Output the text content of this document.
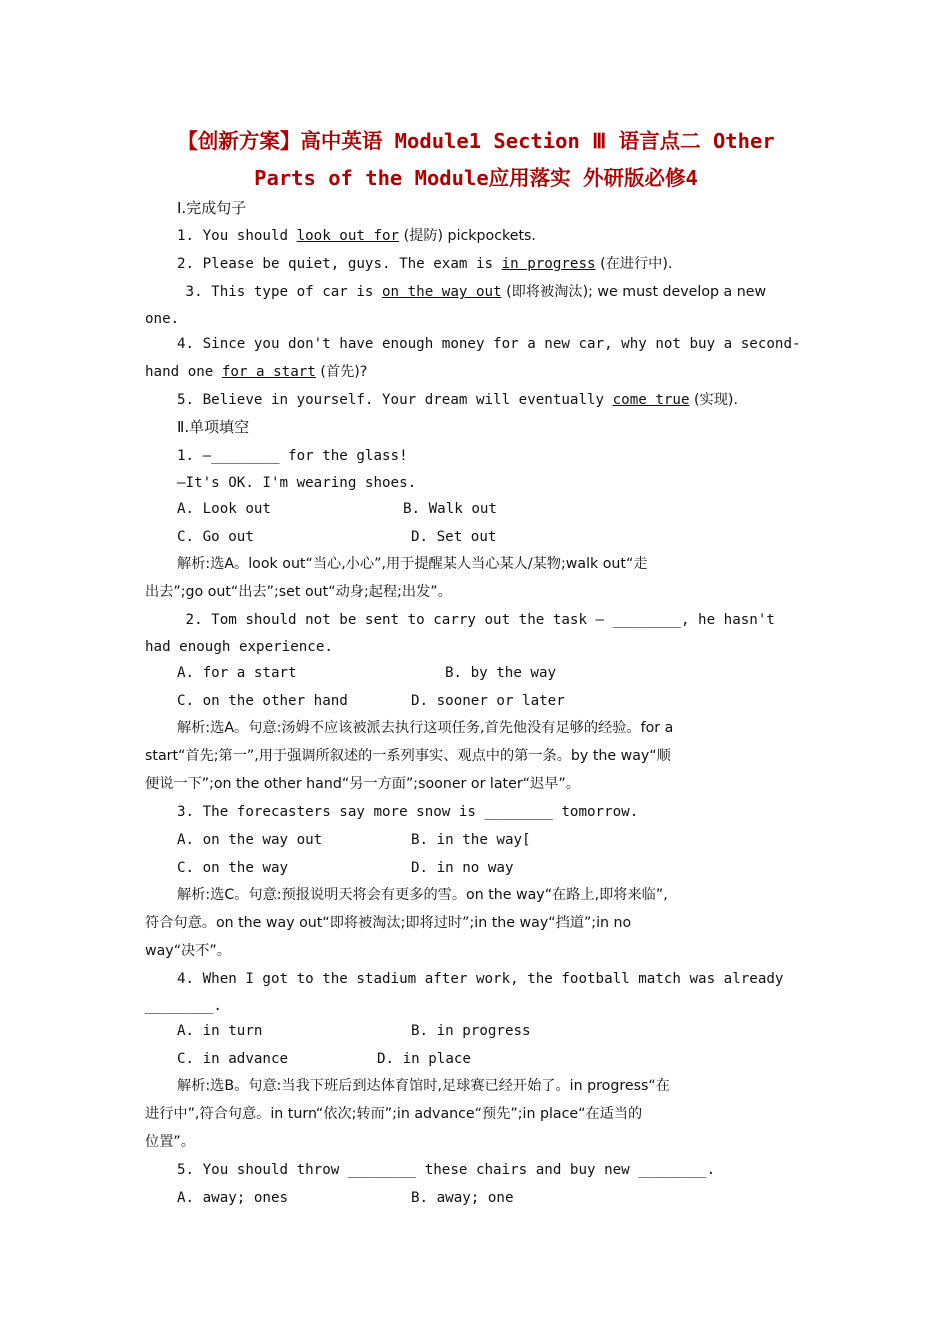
【创新方案】高中英语 Module1 Section Ⅲ 语言点二 Other
Parts of the Module应用落实 外研版必修4
Ⅰ.完成句子
1. You should look out for (提防) pickpockets.
2. Please be quiet, guys. The exam is in progress (在进行中).
3. This type of car is on the way out (即将被淘汰); we must develop a new
one.
4. Since you don't have enough money for a new car, why not buy a second-
hand one for a start (首先)?
5. Believe in yourself. Your dream will eventually come true (实现).
Ⅱ.单项填空
1. —________ for the glass!
—It's OK. I'm wearing shoes.
A. Look out	B. Walk out
C. Go out	D. Set out
解析:选A。look out“当心,小心”,用于提醒某人当心某人/某物;walk out“走
出去”;go out“出去”;set out“动身;起程;出发”。
2. Tom should not be sent to carry out the task — ________, he hasn't
had enough experience.
A. for a start	B. by the way
C. on the other hand	D. sooner or later
解析:选A。句意:汤姆不应该被派去执行这项任务,首先他没有足够的经验。for a
start“首先;第一”,用于强调所叙述的一系列事实、观点中的第一条。by the way“顺
便说一下”;on the other hand“另一方面”;sooner or later“迟早”。
3. The forecasters say more snow is ________ tomorrow.
A. on the way out	B. in the way[
C. on the way	D. in no way
解析:选C。句意:预报说明天将会有更多的雪。on the way“在路上,即将来临”,
符合句意。on the way out“即将被淘汰;即将过时”;in the way“挡道”;in no
way“决不”。
4. When I got to the stadium after work, the football match was already
________.
A. in turn	B. in progress
C. in advance	D. in place
解析:选B。句意:当我下班后到达体育馆时,足球赛已经开始了。in progress“在
进行中”,符合句意。in turn“依次;转而”;in advance“预先”;in place“在适当的
位置”。
5. You should throw ________ these chairs and buy new ________.
A. away; ones	B. away; one
